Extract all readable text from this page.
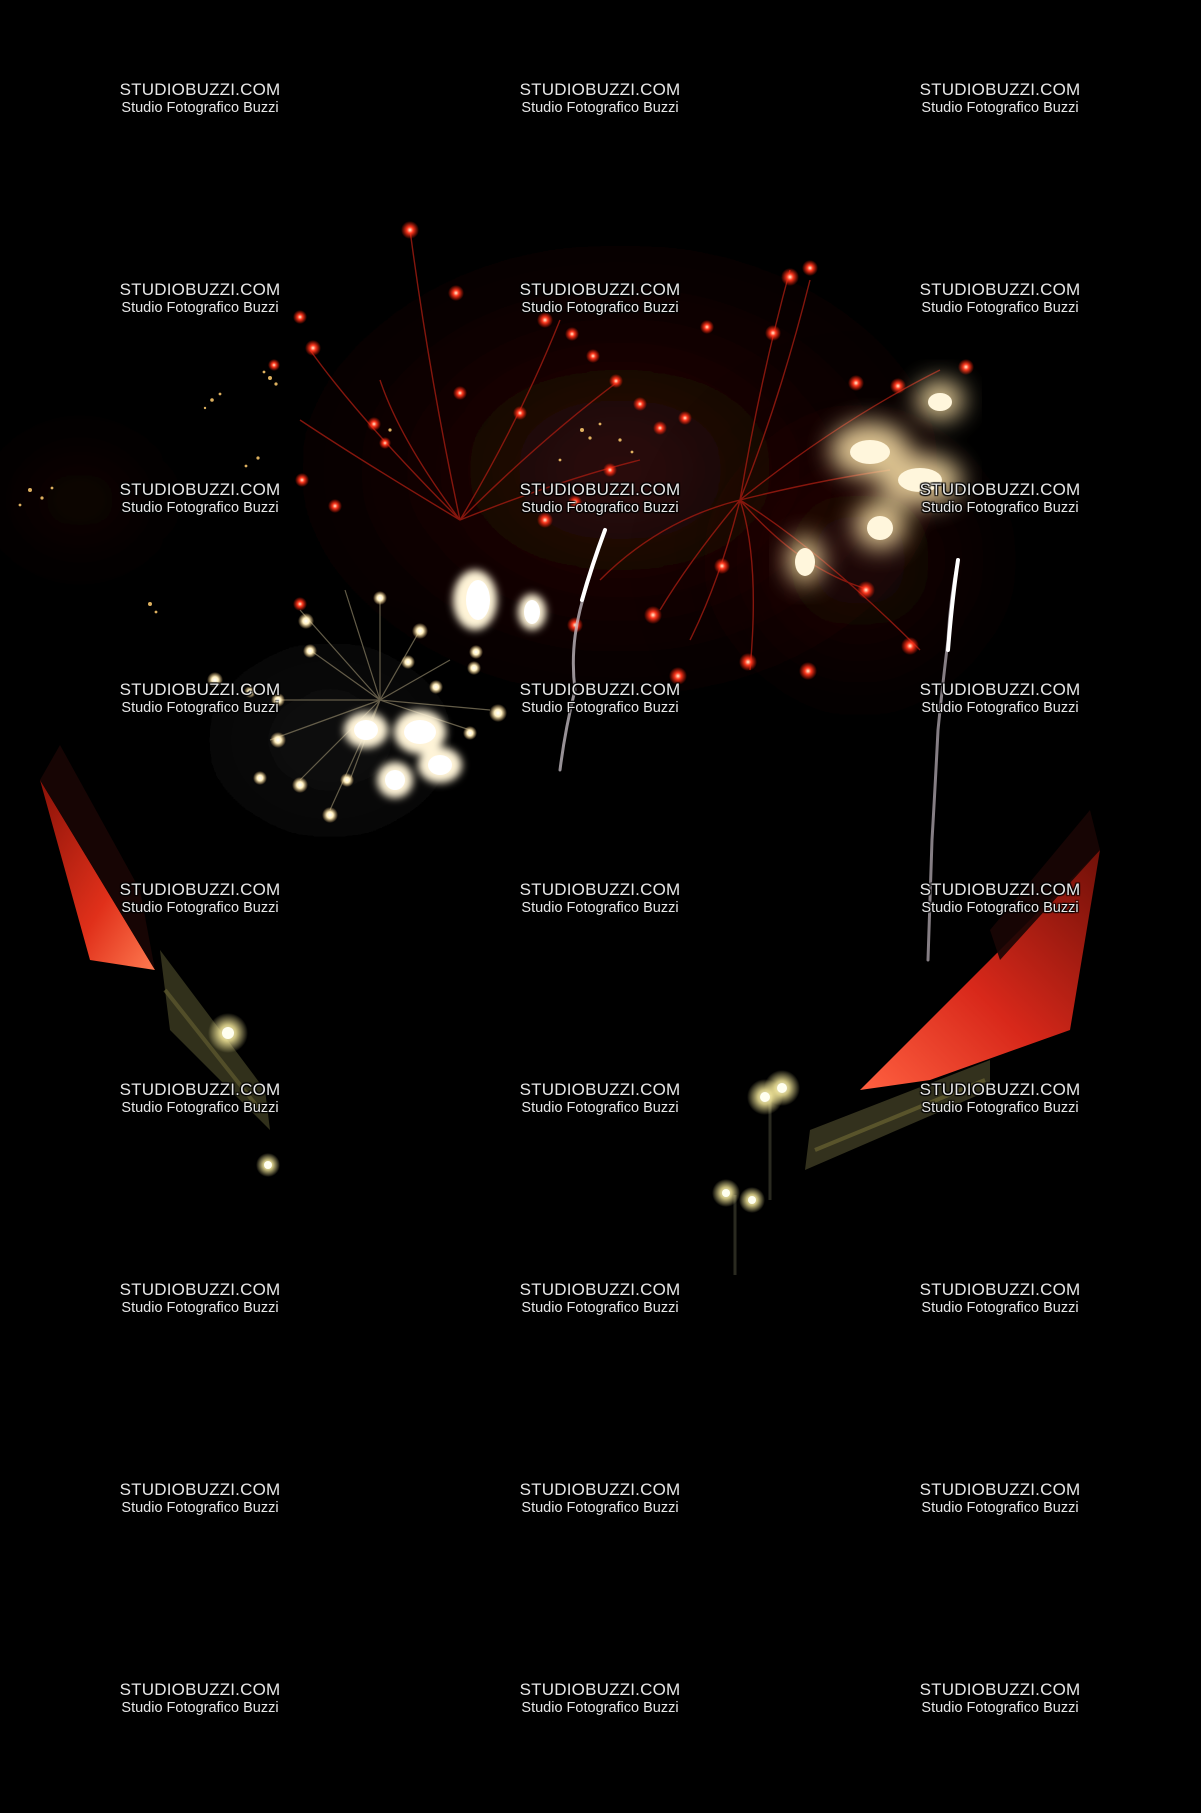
STUDIOBUZZI.COM
Studio Fotografico Buzzi
STUDIOBUZZI.COM
Studio Fotografico Buzzi
STUDIOBUZZI.COM
Studio Fotografico Buzzi
STUDIOBUZZI.COM
Studio Fotografico Buzzi
STUDIOBUZZI.COM
Studio Fotografico Buzzi
STUDIOBUZZI.COM
Studio Fotografico Buzzi
STUDIOBUZZI.COM
Studio Fotografico Buzzi
STUDIOBUZZI.COM
Studio Fotografico Buzzi
STUDIOBUZZI.COM
Studio Fotografico Buzzi
STUDIOBUZZI.COM
Studio Fotografico Buzzi
STUDIOBUZZI.COM
Studio Fotografico Buzzi
STUDIOBUZZI.COM
Studio Fotografico Buzzi
STUDIOBUZZI.COM
Studio Fotografico Buzzi
STUDIOBUZZI.COM
Studio Fotografico Buzzi
STUDIOBUZZI.COM
Studio Fotografico Buzzi
STUDIOBUZZI.COM
Studio Fotografico Buzzi
STUDIOBUZZI.COM
Studio Fotografico Buzzi
STUDIOBUZZI.COM
Studio Fotografico Buzzi
STUDIOBUZZI.COM
Studio Fotografico Buzzi
STUDIOBUZZI.COM
Studio Fotografico Buzzi
STUDIOBUZZI.COM
Studio Fotografico Buzzi
STUDIOBUZZI.COM
Studio Fotografico Buzzi
STUDIOBUZZI.COM
Studio Fotografico Buzzi
STUDIOBUZZI.COM
Studio Fotografico Buzzi
STUDIOBUZZI.COM
Studio Fotografico Buzzi
STUDIOBUZZI.COM
Studio Fotografico Buzzi
STUDIOBUZZI.COM
Studio Fotografico Buzzi
